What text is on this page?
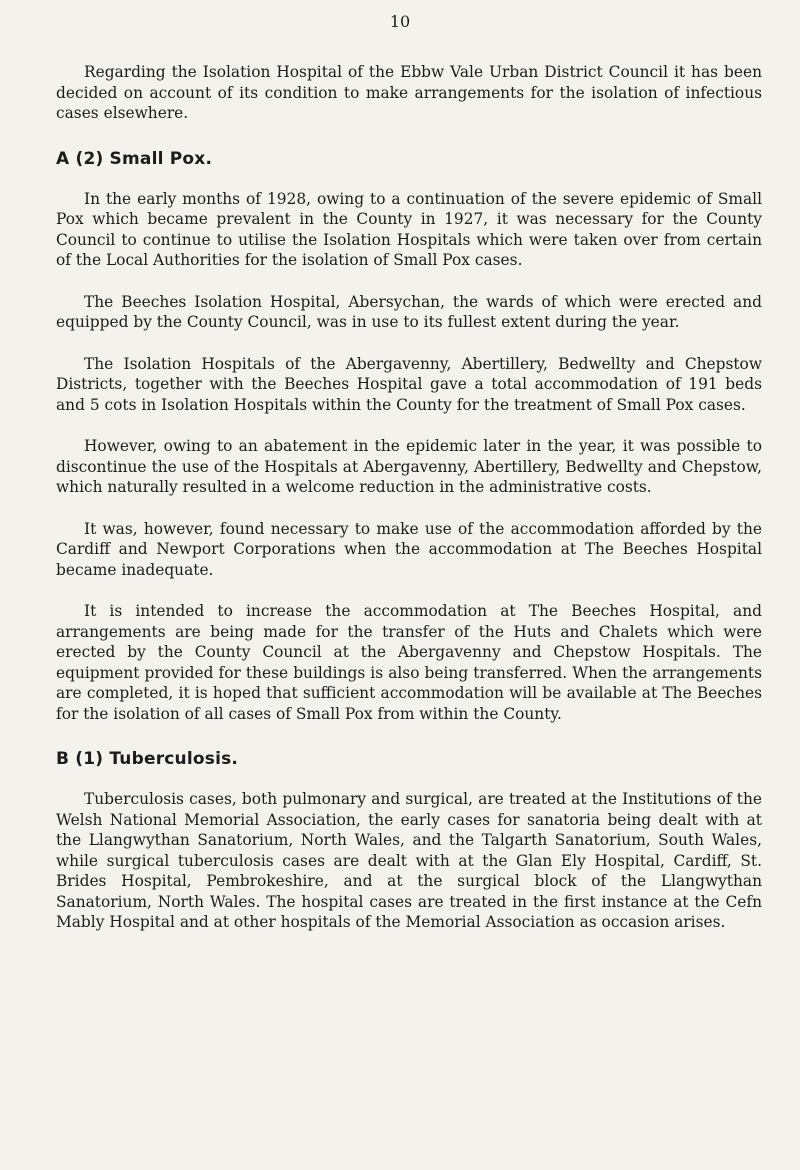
10

Regarding the Isolation Hospital of the Ebbw Vale Urban District Council it has been decided on account of its condition to make arrangements for the isolation of infectious cases elsewhere.

A (2) Small Pox.

In the early months of 1928, owing to a continuation of the severe epidemic of Small Pox which became prevalent in the County in 1927, it was necessary for the County Council to continue to utilise the Isolation Hospitals which were taken over from certain of the Local Authorities for the isolation of Small Pox cases.

The Beeches Isolation Hospital, Abersychan, the wards of which were erected and equipped by the County Council, was in use to its fullest extent during the year.

The Isolation Hospitals of the Abergavenny, Abertillery, Bedwellty and Chepstow Districts, together with the Beeches Hospital gave a total accommodation of 191 beds and 5 cots in Isolation Hospitals within the County for the treatment of Small Pox cases.

However, owing to an abatement in the epidemic later in the year, it was possible to discontinue the use of the Hospitals at Abergavenny, Abertillery, Bedwellty and Chepstow, which naturally resulted in a welcome reduction in the administrative costs.

It was, however, found necessary to make use of the accommodation afforded by the Cardiff and Newport Corporations when the accommodation at The Beeches Hospital became inadequate.

It is intended to increase the accommodation at The Beeches Hospital, and arrangements are being made for the transfer of the Huts and Chalets which were erected by the County Council at the Abergavenny and Chepstow Hospitals. The equipment provided for these buildings is also being transferred. When the arrangements are completed, it is hoped that sufficient accommodation will be available at The Beeches for the isolation of all cases of Small Pox from within the County.

B (1) Tuberculosis.

Tuberculosis cases, both pulmonary and surgical, are treated at the Institutions of the Welsh National Memorial Association, the early cases for sanatoria being dealt with at the Llangwythan Sanatorium, North Wales, and the Talgarth Sanatorium, South Wales, while surgical tuberculosis cases are dealt with at the Glan Ely Hospital, Cardiff, St. Brides Hospital, Pembrokeshire, and at the surgical block of the Llangwythan Sanatorium, North Wales. The hospital cases are treated in the first instance at the Cefn Mably Hospital and at other hospitals of the Memorial Association as occasion arises.
